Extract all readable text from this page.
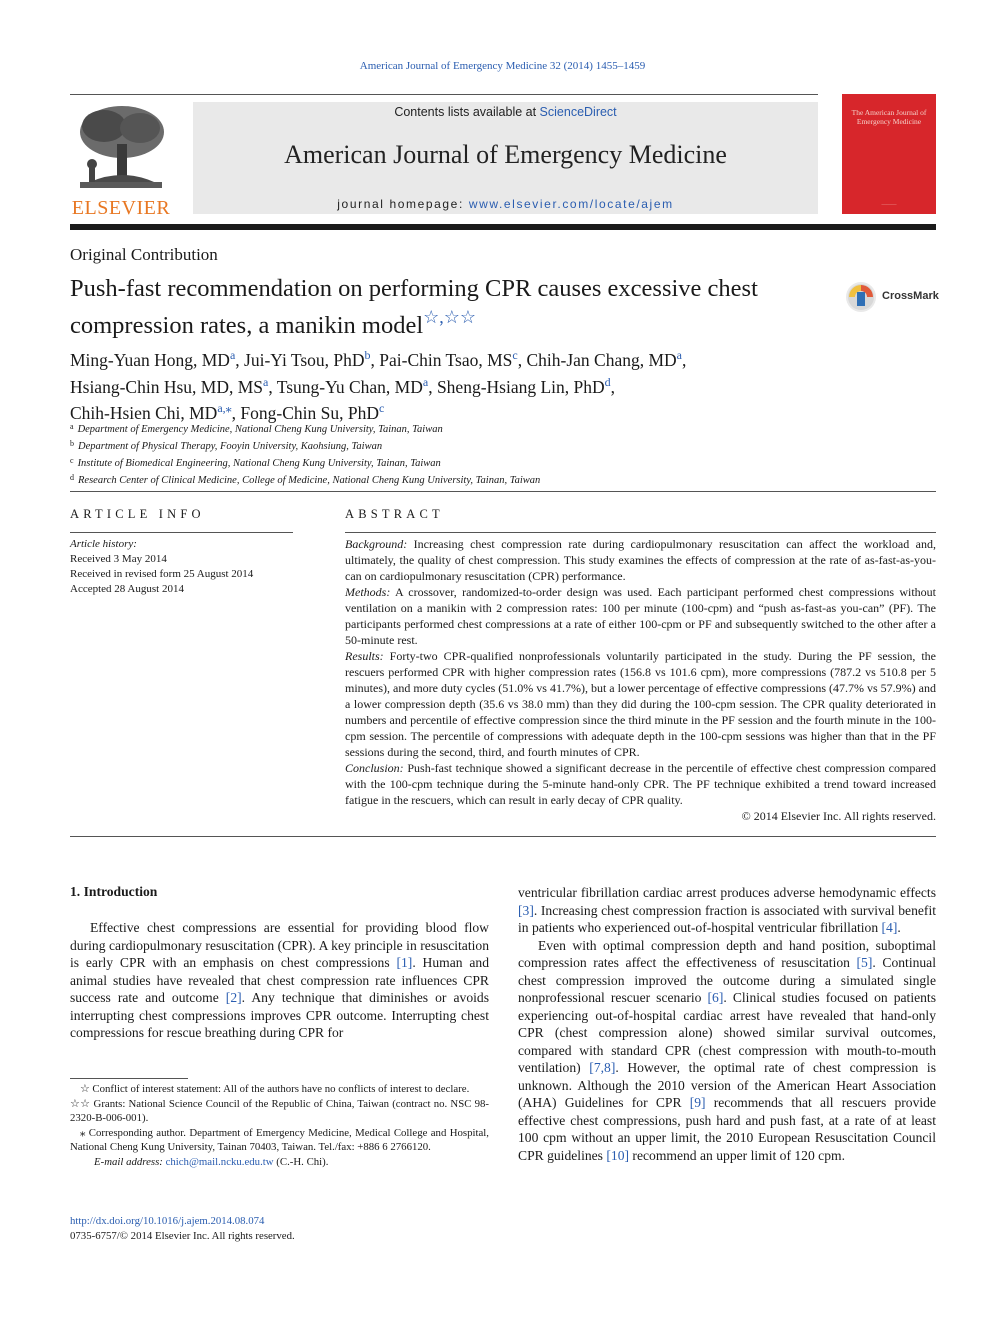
American Journal of Emergency Medicine 32 (2014) 1455–1459
ELSEVIER
Contents lists available at ScienceDirect
American Journal of Emergency Medicine
journal homepage: www.elsevier.com/locate/ajem
The American Journal of Emergency Medicine
———
Original Contribution
Push-fast recommendation on performing CPR causes excessive chest compression rates, a manikin model☆,☆☆
CrossMark
Ming-Yuan Hong, $MD^a$, Jui-Yi Tsou, PhD$^b$, Pai-Chin Tsao, $MS^c$, Chih-Jan Chang, $MD^a$,
Hsiang-Chin Hsu, MD, $MS^a$, Tsung-Yu Chan, $MD^a$, Sheng-Hsiang Lin, PhD$^d$,
Chih-Hsien Chi, $MD^{a,⁎}$, Fong-Chin Su, PhD$^c$
$^a$ Department of Emergency Medicine, National Cheng Kung University, Tainan, Taiwan
$^b$ Department of Physical Therapy, Fooyin University, Kaohsiung, Taiwan
$^c$ Institute of Biomedical Engineering, National Cheng Kung University, Tainan, Taiwan
$^d$ Research Center of Clinical Medicine, College of Medicine, National Cheng Kung University, Tainan, Taiwan
ARTICLE INFO
Article history:
Received 3 May 2014
Received in revised form 25 August 2014
Accepted 28 August 2014
ABSTRACT

Background: Increasing chest compression rate during cardiopulmonary resuscitation can affect the workload and, ultimately, the quality of chest compression. This study examines the effects of compression at the rate of as-fast-as-you-can on cardiopulmonary resuscitation (CPR) performance.

Methods: A crossover, randomized-to-order design was used. Each participant performed chest compressions without ventilation on a manikin with 2 compression rates: 100 per minute (100-cpm) and “push as-fast-as you-can” (PF). The participants performed chest compressions at a rate of either 100-cpm or PF and subsequently switched to the other after a 50-minute rest.

Results: Forty-two CPR-qualified nonprofessionals voluntarily participated in the study. During the PF session, the rescuers performed CPR with higher compression rates (156.8 vs 101.6 cpm), more compressions (787.2 vs 510.8 per 5 minutes), and more duty cycles (51.0% vs 41.7%), but a lower percentage of effective compressions (47.7% vs 57.9%) and a lower compression depth (35.6 vs 38.0 mm) than they did during the 100-cpm session. The CPR quality deteriorated in numbers and percentile of effective compression since the third minute in the PF session and the fourth minute in the 100-cpm session. The percentile of compressions with adequate depth in the 100-cpm sessions was higher than that in the PF sessions during the second, third, and fourth minutes of CPR.

Conclusion: Push-fast technique showed a significant decrease in the percentile of effective chest compression compared with the 100-cpm technique during the 5-minute hand-only CPR. The PF technique exhibited a trend toward increased fatigue in the rescuers, which can result in early decay of CPR quality.

© 2014 Elsevier Inc. All rights reserved.

1. Introduction

Effective chest compressions are essential for providing blood flow during cardiopulmonary resuscitation (CPR). A key principle in resuscitation is early CPR with an emphasis on chest compressions [1]. Human and animal studies have revealed that chest compression rate influences CPR success rate and outcome [2]. Any technique that diminishes or avoids interrupting chest compressions improves CPR outcome. Interrupting chest compressions for rescue breathing during CPR for

ventricular fibrillation cardiac arrest produces adverse hemodynamic effects [3]. Increasing chest compression fraction is associated with survival benefit in patients who experienced out-of-hospital ventricular fibrillation [4].

Even with optimal compression depth and hand position, suboptimal compression rates affect the effectiveness of resuscitation [5]. Continual chest compression improved the outcome during a simulated single nonprofessional rescuer scenario [6]. Clinical studies focused on patients experiencing out-of-hospital cardiac arrest have revealed that hand-only CPR (chest compression alone) showed similar survival outcomes, compared with standard CPR (chest compression with mouth-to-mouth ventilation) [7,8]. However, the optimal rate of chest compression is unknown. Although the 2010 version of the American Heart Association (AHA) Guidelines for CPR [9] recommends that all rescuers provide effective chest compressions, push hard and push fast, at a rate of at least 100 cpm without an upper limit, the 2010 European Resuscitation Council CPR guidelines [10] recommend an upper limit of 120 cpm.

☆ Conflict of interest statement: All of the authors have no conflicts of interest to declare.

☆☆ Grants: National Science Council of the Republic of China, Taiwan (contract no. NSC 98-2320-B-006-001).

⁎ Corresponding author. Department of Emergency Medicine, Medical College and Hospital, National Cheng Kung University, Tainan 70403, Taiwan. Tel./fax: +886 6 2766120.

E-mail address: chich@mail.ncku.edu.tw (C.-H. Chi).

http://dx.doi.org/10.1016/j.ajem.2014.08.074
0735-6757/© 2014 Elsevier Inc. All rights reserved.
